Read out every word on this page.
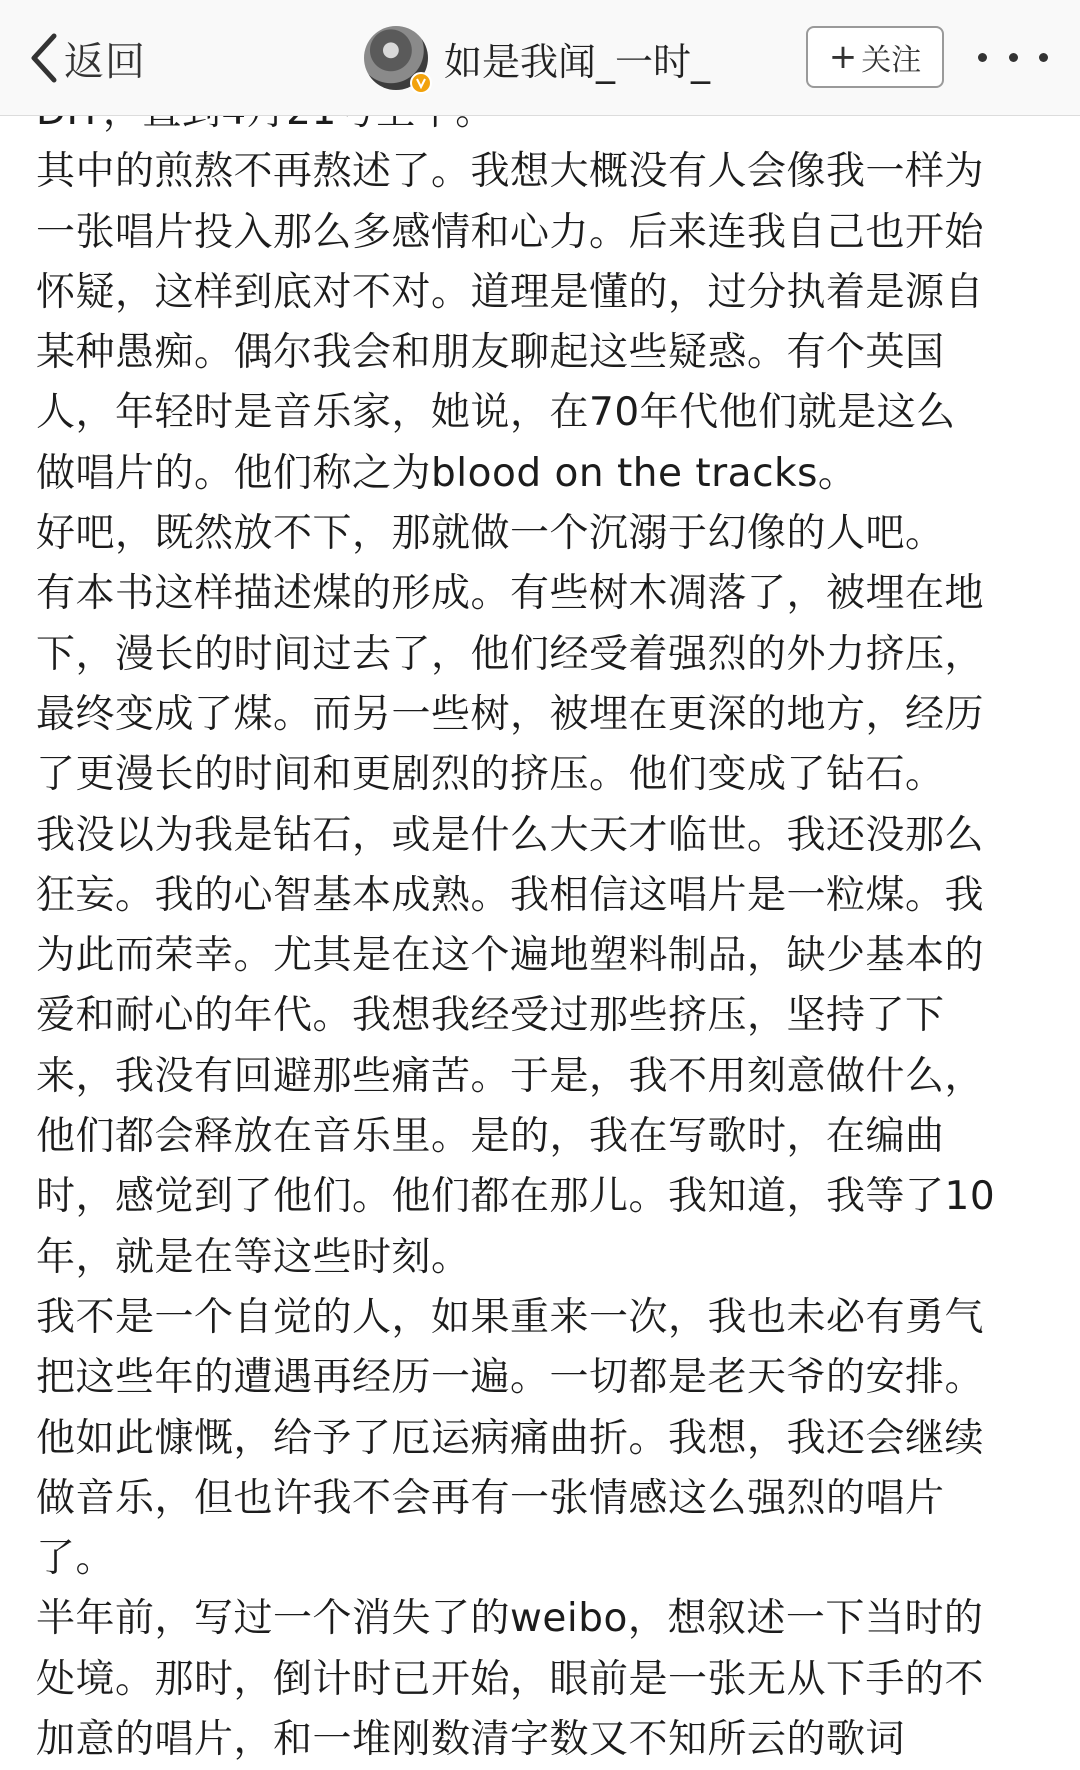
返回	如是我闻_一时_	+ 关注
其中的煎熬不再熬述了。我想大概没有人会像我一样为
一张唱片投入那么多感情和心力。后来连我自己也开始
怀疑，这样到底对不对。道理是懂的，过分执着是源自
某种愚痴。偶尔我会和朋友聊起这些疑惑。有个英国
人，年轻时是音乐家，她说，在70年代他们就是这么
做唱片的。他们称之为blood on the tracks。
好吧，既然放不下，那就做一个沉溺于幻像的人吧。
有本书这样描述煤的形成。有些树木凋落了，被埋在地
下，漫长的时间过去了，他们经受着强烈的外力挤压，
最终变成了煤。而另一些树，被埋在更深的地方，经历
了更漫长的时间和更剧烈的挤压。他们变成了钻石。
我没以为我是钻石，或是什么大天才临世。我还没那么
狂妄。我的心智基本成熟。我相信这唱片是一粒煤。我
为此而荣幸。尤其是在这个遍地塑料制品，缺少基本的
爱和耐心的年代。我想我经受过那些挤压，坚持了下
来，我没有回避那些痛苦。于是，我不用刻意做什么，
他们都会释放在音乐里。是的，我在写歌时，在编曲
时，感觉到了他们。他们都在那儿。我知道，我等了10
年，就是在等这些时刻。
我不是一个自觉的人，如果重来一次，我也未必有勇气
把这些年的遭遇再经历一遍。一切都是老天爷的安排。
他如此慷慨，给予了厄运病痛曲折。我想，我还会继续
做音乐，但也许我不会再有一张情感这么强烈的唱片
了。
半年前，写过一个消失了的weibo，想叙述一下当时的
处境。那时，倒计时已开始，眼前是一张无从下手的不
加意的唱片，和一堆刚数清字数又不知所云的歌词
